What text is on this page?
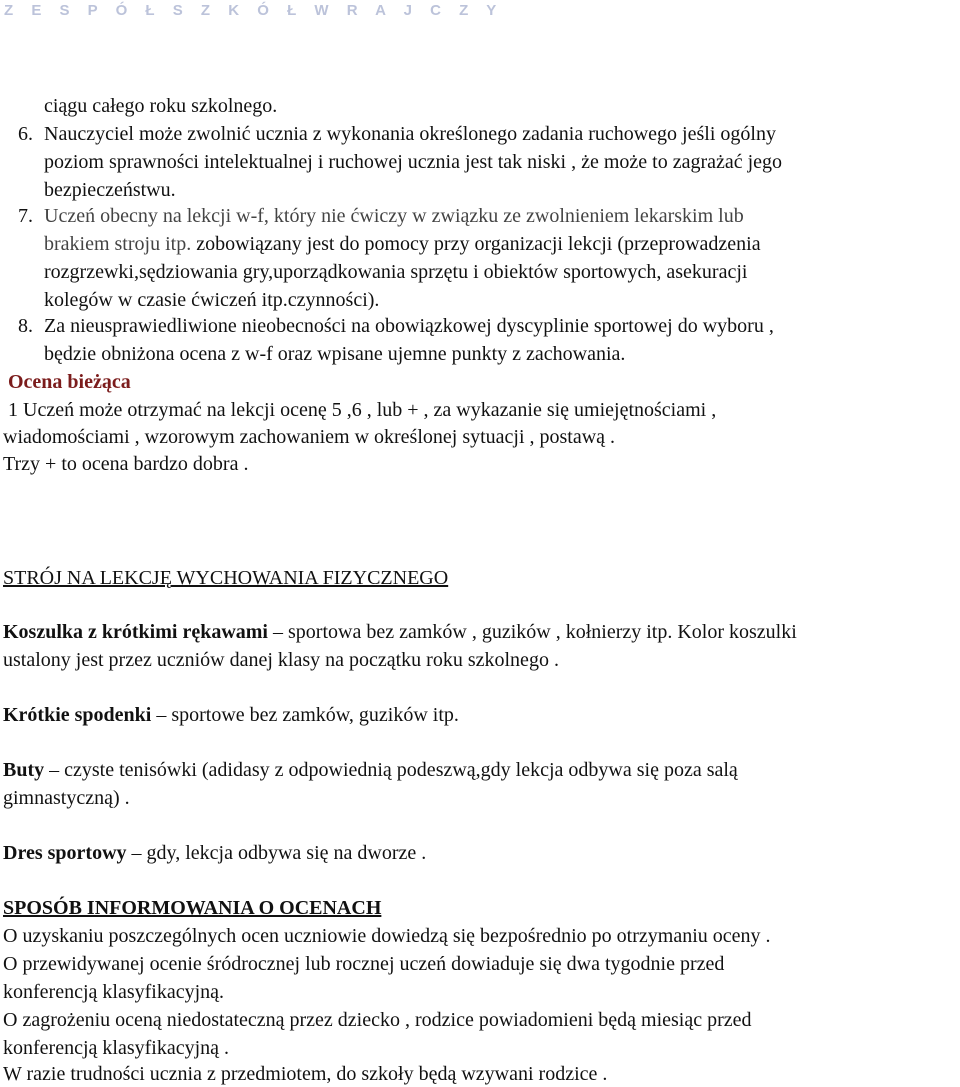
Z E S P Ó Ł S Z K Ó Ł W R A J C Z Y
ciągu całego roku szkolnego.
6. Nauczyciel może zwolnić ucznia z wykonania określonego zadania ruchowego jeśli ogólny
poziom sprawności intelektualnej i ruchowej ucznia jest tak niski , że może to zagrażać jego
bezpieczeństwu.
7. Uczeń obecny na lekcji w-f, który nie ćwiczy w związku ze zwolnieniem lekarskim lub
brakiem stroju itp. zobowiązany jest do pomocy przy organizacji lekcji (przeprowadzenia
rozgrzewki,sędziowania gry,uporządkowania sprzętu i obiektów sportowych, asekuracji
kolegów w czasie ćwiczeń itp.czynności).
8. Za nieusprawiedliwione nieobecności na obowiązkowej dyscyplinie sportowej do wyboru ,
będzie obniżona ocena z w-f oraz wpisane ujemne punkty z zachowania.
Ocena bieżąca
1 Uczeń może otrzymać na lekcji ocenę 5 ,6 , lub + , za wykazanie się umiejętnościami ,
wiadomościami , wzorowym zachowaniem w określonej sytuacji , postawą .
Trzy + to ocena bardzo dobra .
STRÓJ NA LEKCJĘ WYCHOWANIA FIZYCZNEGO
Koszulka z krótkimi rękawami – sportowa bez zamków , guzików , kołnierzy itp. Kolor koszulki
ustalony jest przez uczniów danej klasy na początku roku szkolnego .
Krótkie spodenki – sportowe bez zamków, guzików itp.
Buty – czyste tenisówki (adidasy z odpowiednią podeszwą,gdy lekcja odbywa się poza salą
gimnastyczną) .
Dres sportowy – gdy, lekcja odbywa się na dworze .
SPOSÓB INFORMOWANIA O OCENACH
O uzyskaniu poszczególnych ocen uczniowie dowiedzą się bezpośrednio po otrzymaniu oceny .
O przewidywanej ocenie śródrocznej lub rocznej uczeń dowiaduje się dwa tygodnie przed
konferencją klasyfikacyjną.
O zagrożeniu oceną niedostateczną przez dziecko , rodzice powiadomieni będą miesiąc przed
konferencją klasyfikacyjną .
W razie trudności ucznia z przedmiotem, do szkoły będą wzywani rodzice .
